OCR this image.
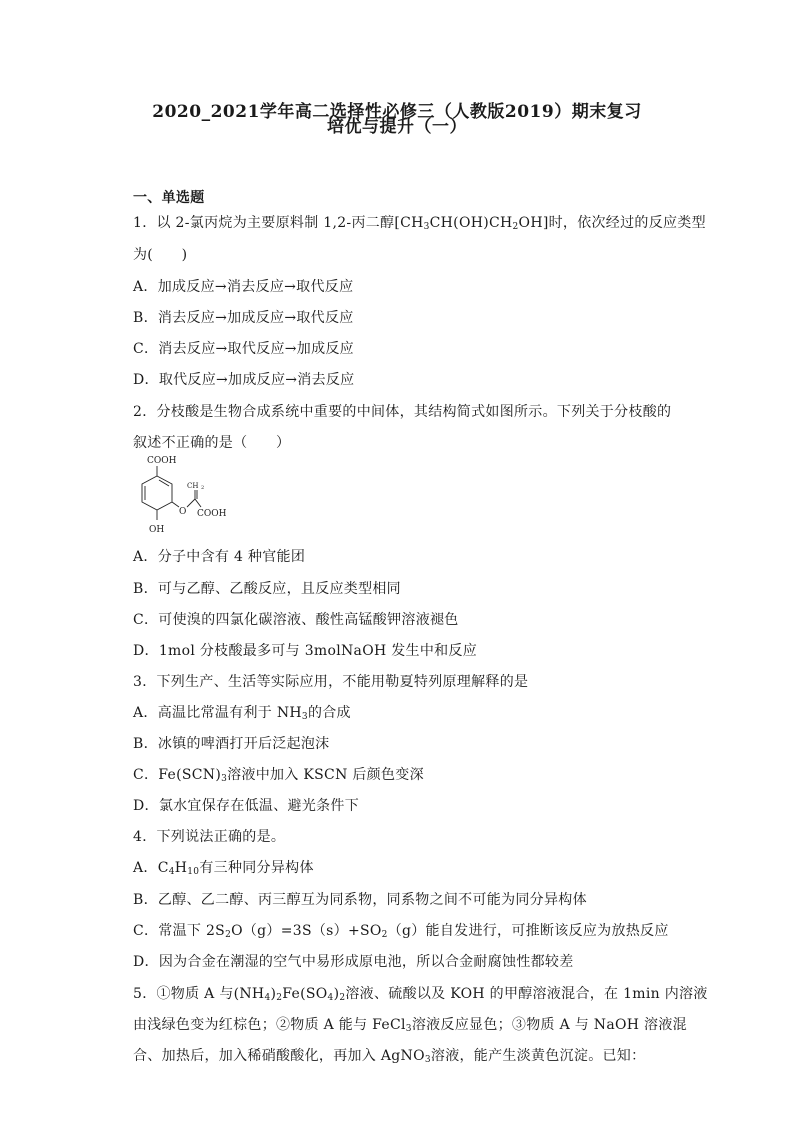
2020_2021学年高二选择性必修三（人教版2019）期末复习
培优与提升（一）
一、单选题
1．以 2-氯丙烷为主要原料制 1,2-丙二醇$[CH_3CH(OH)CH_2OH]$时，依次经过的反应类型
为(　　)
A．加成反应→消去反应→取代反应
B．消去反应→加成反应→取代反应
C．消去反应→取代反应→加成反应
D．取代反应→加成反应→消去反应
2．分枝酸是生物合成系统中重要的中间体，其结构简式如图所示。下列关于分枝酸的
叙述不正确的是（　　）
COOH
O
CH 2
COOH
OH
A．分子中含有 4 种官能团
B．可与乙醇、乙酸反应，且反应类型相同
C．可使溴的四氯化碳溶液、酸性高锰酸钾溶液褪色
D．1mol 分枝酸最多可与 3molNaOH 发生中和反应
3．下列生产、生活等实际应用，不能用勒夏特列原理解释的是
A．高温比常温有利于 $NH_3$的合成
B．冰镇的啤酒打开后泛起泡沫
C．$Fe(SCN)_3$溶液中加入 KSCN 后颜色变深
D．氯水宜保存在低温、避光条件下
4．下列说法正确的是。
A．$C_4H_{10}$有三种同分异构体
B．乙醇、乙二醇、丙三醇互为同系物，同系物之间不可能为同分异构体
C．常温下 $2S_2O(g)=3S(s)+SO_2(g)$能自发进行，可推断该反应为放热反应
D．因为合金在潮湿的空气中易形成原电池，所以合金耐腐蚀性都较差
5．①物质 A 与$(NH_4)_2Fe(SO_4)_2$溶液、硫酸以及 KOH 的甲醇溶液混合，在 1min 内溶液
由浅绿色变为红棕色；②物质 A 能与 FeCl$_3$溶液反应显色；③物质 A 与 NaOH 溶液混
合、加热后，加入稀硝酸酸化，再加入 AgNO$_3$溶液，能产生淡黄色沉淀。已知：
